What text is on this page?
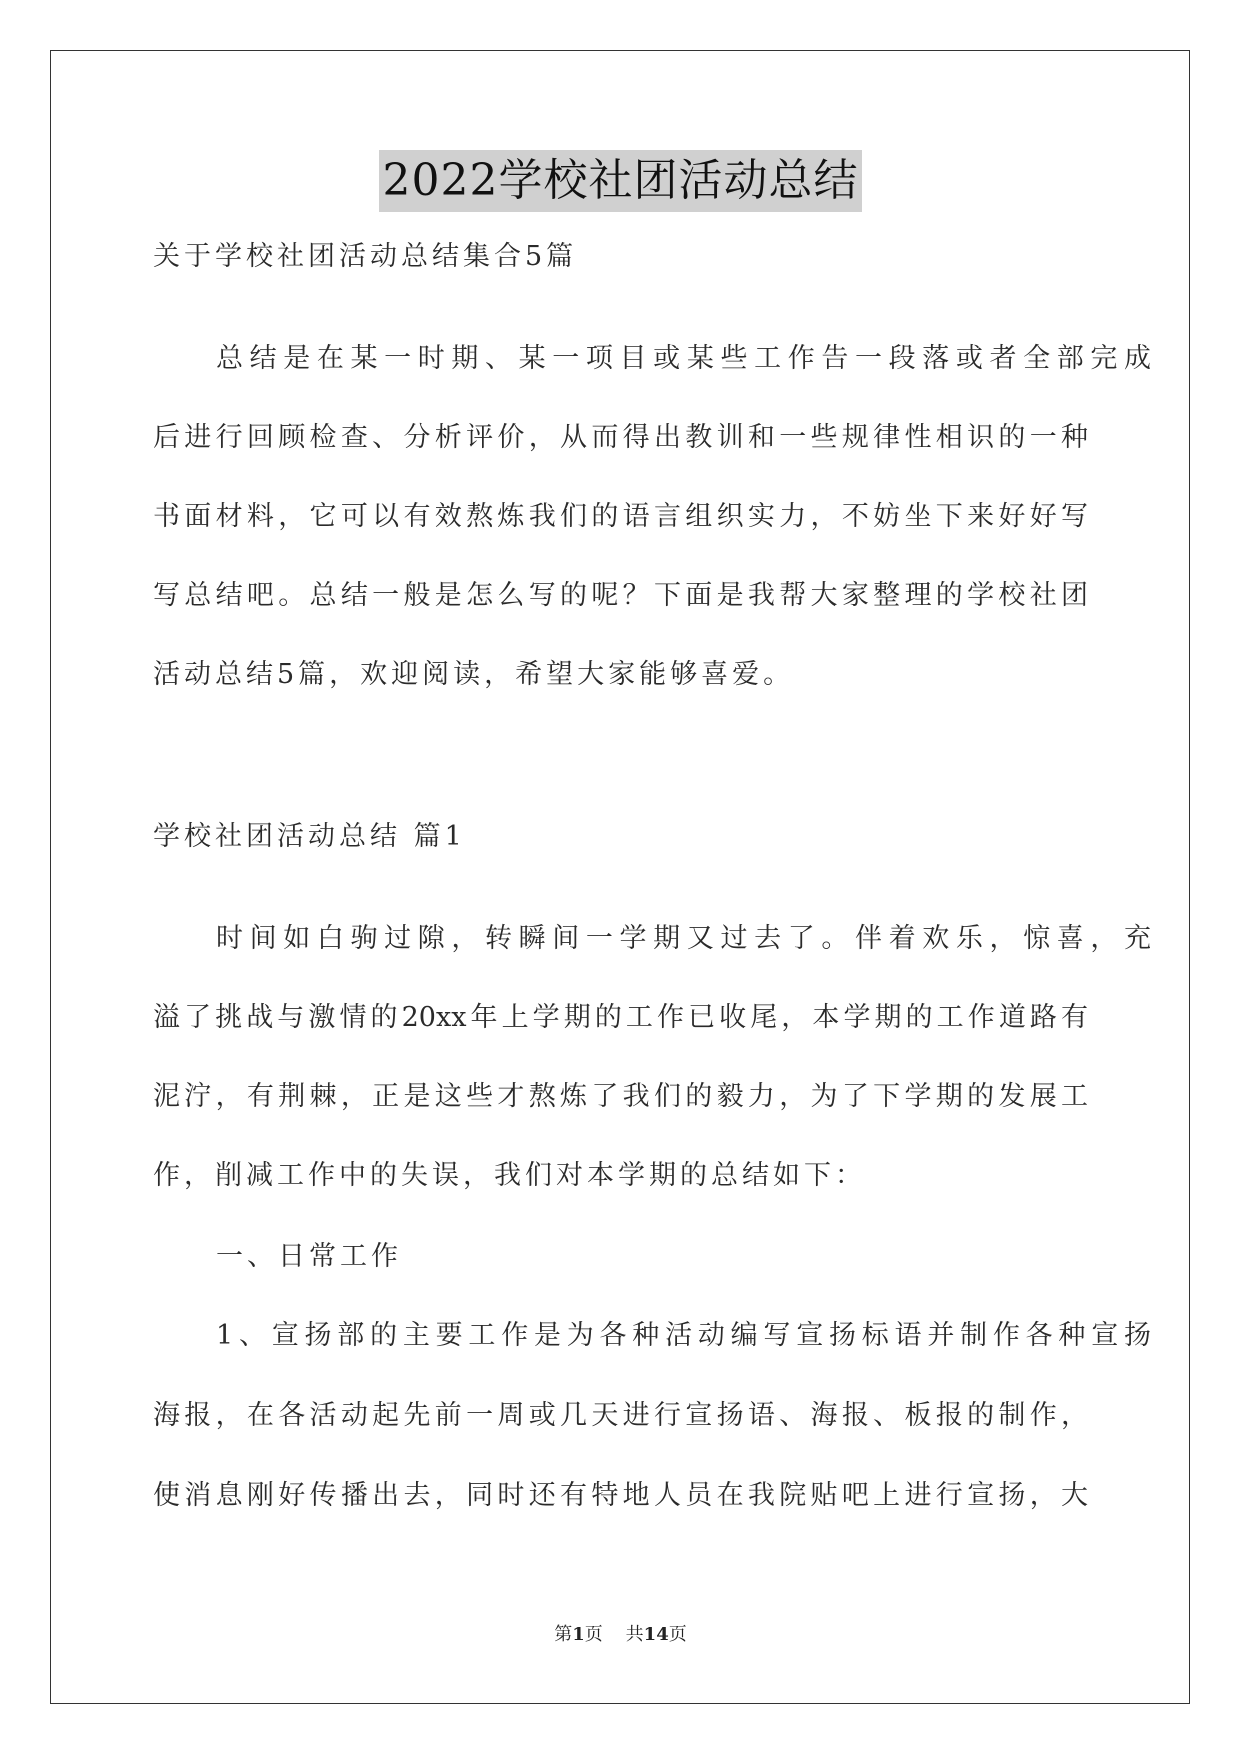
2022学校社团活动总结
关于学校社团活动总结集合5篇
总结是在某一时期、某一项目或某些工作告一段落或者全部完成
后进行回顾检查、分析评价，从而得出教训和一些规律性相识的一种
书面材料，它可以有效熬炼我们的语言组织实力，不妨坐下来好好写
写总结吧。总结一般是怎么写的呢？下面是我帮大家整理的学校社团
活动总结5篇，欢迎阅读，希望大家能够喜爱。
学校社团活动总结 篇1
时间如白驹过隙，转瞬间一学期又过去了。伴着欢乐，惊喜，充
溢了挑战与激情的20xx年上学期的工作已收尾，本学期的工作道路有
泥泞，有荆棘，正是这些才熬炼了我们的毅力，为了下学期的发展工
作，削减工作中的失误，我们对本学期的总结如下：
一、日常工作
1、宣扬部的主要工作是为各种活动编写宣扬标语并制作各种宣扬
海报，在各活动起先前一周或几天进行宣扬语、海报、板报的制作，
使消息刚好传播出去，同时还有特地人员在我院贴吧上进行宣扬，大
第1页 共14页
